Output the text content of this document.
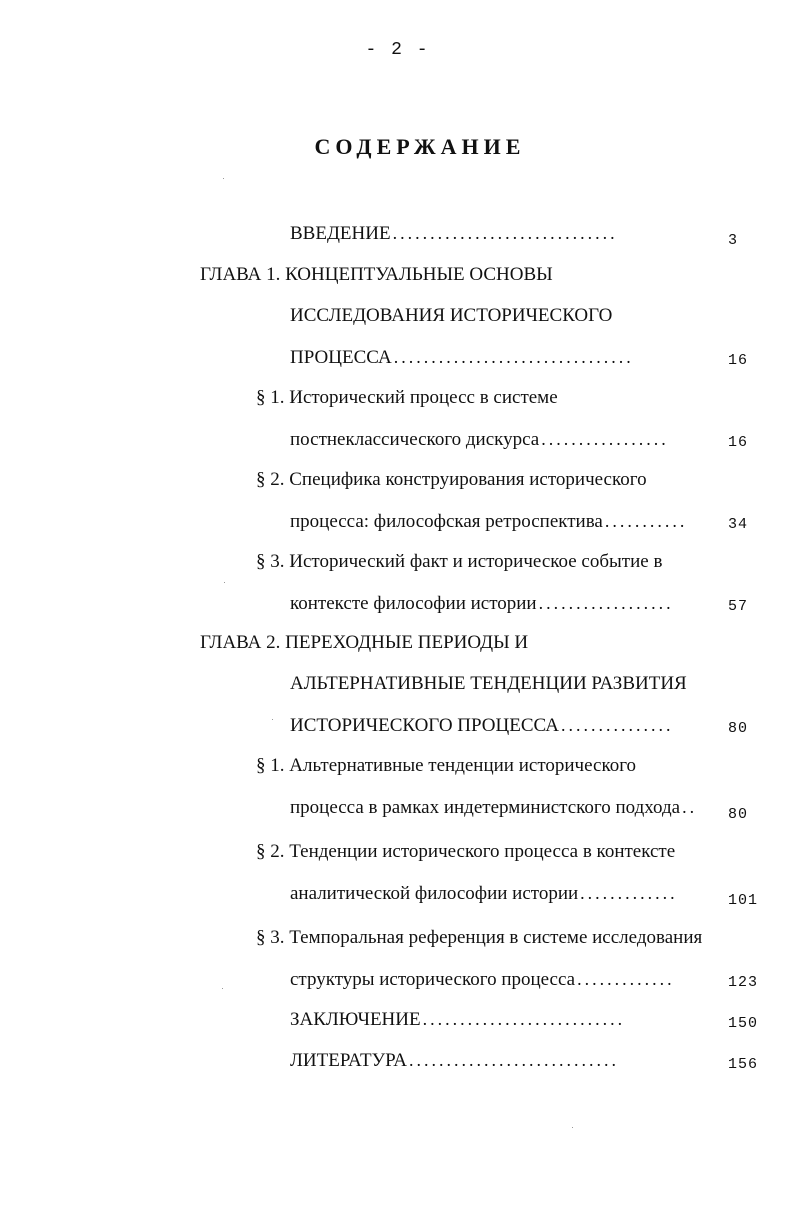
- 2 -
СОДЕРЖАНИЕ
ВВЕДЕНИЕ ..............................	3
ГЛАВА 1. КОНЦЕПТУАЛЬНЫЕ ОСНОВЫ
ИССЛЕДОВАНИЯ ИСТОРИЧЕСКОГО
ПРОЦЕССА ................................	16
§ 1. Исторический процесс в системе
постнеклассического дискурса .................	16
§ 2. Специфика конструирования исторического
процесса: философская ретроспектива ...........	34
§ 3. Исторический факт и историческое событие в
контексте философии истории ..................	57
ГЛАВА 2. ПЕРЕХОДНЫЕ ПЕРИОДЫ И
АЛЬТЕРНАТИВНЫЕ ТЕНДЕНЦИИ РАЗВИТИЯ
ИСТОРИЧЕСКОГО ПРОЦЕССА ...............	80
§ 1. Альтернативные тенденции исторического
процесса в рамках индетерминистского подхода .. 80
§ 2. Тенденции исторического процесса в контексте
аналитической философии истории .............	101
§ 3. Темпоральная референция в системе исследования
структуры исторического процесса .............	123
ЗАКЛЮЧЕНИЕ ...........................	150
ЛИТЕРАТУРА ............................	156
